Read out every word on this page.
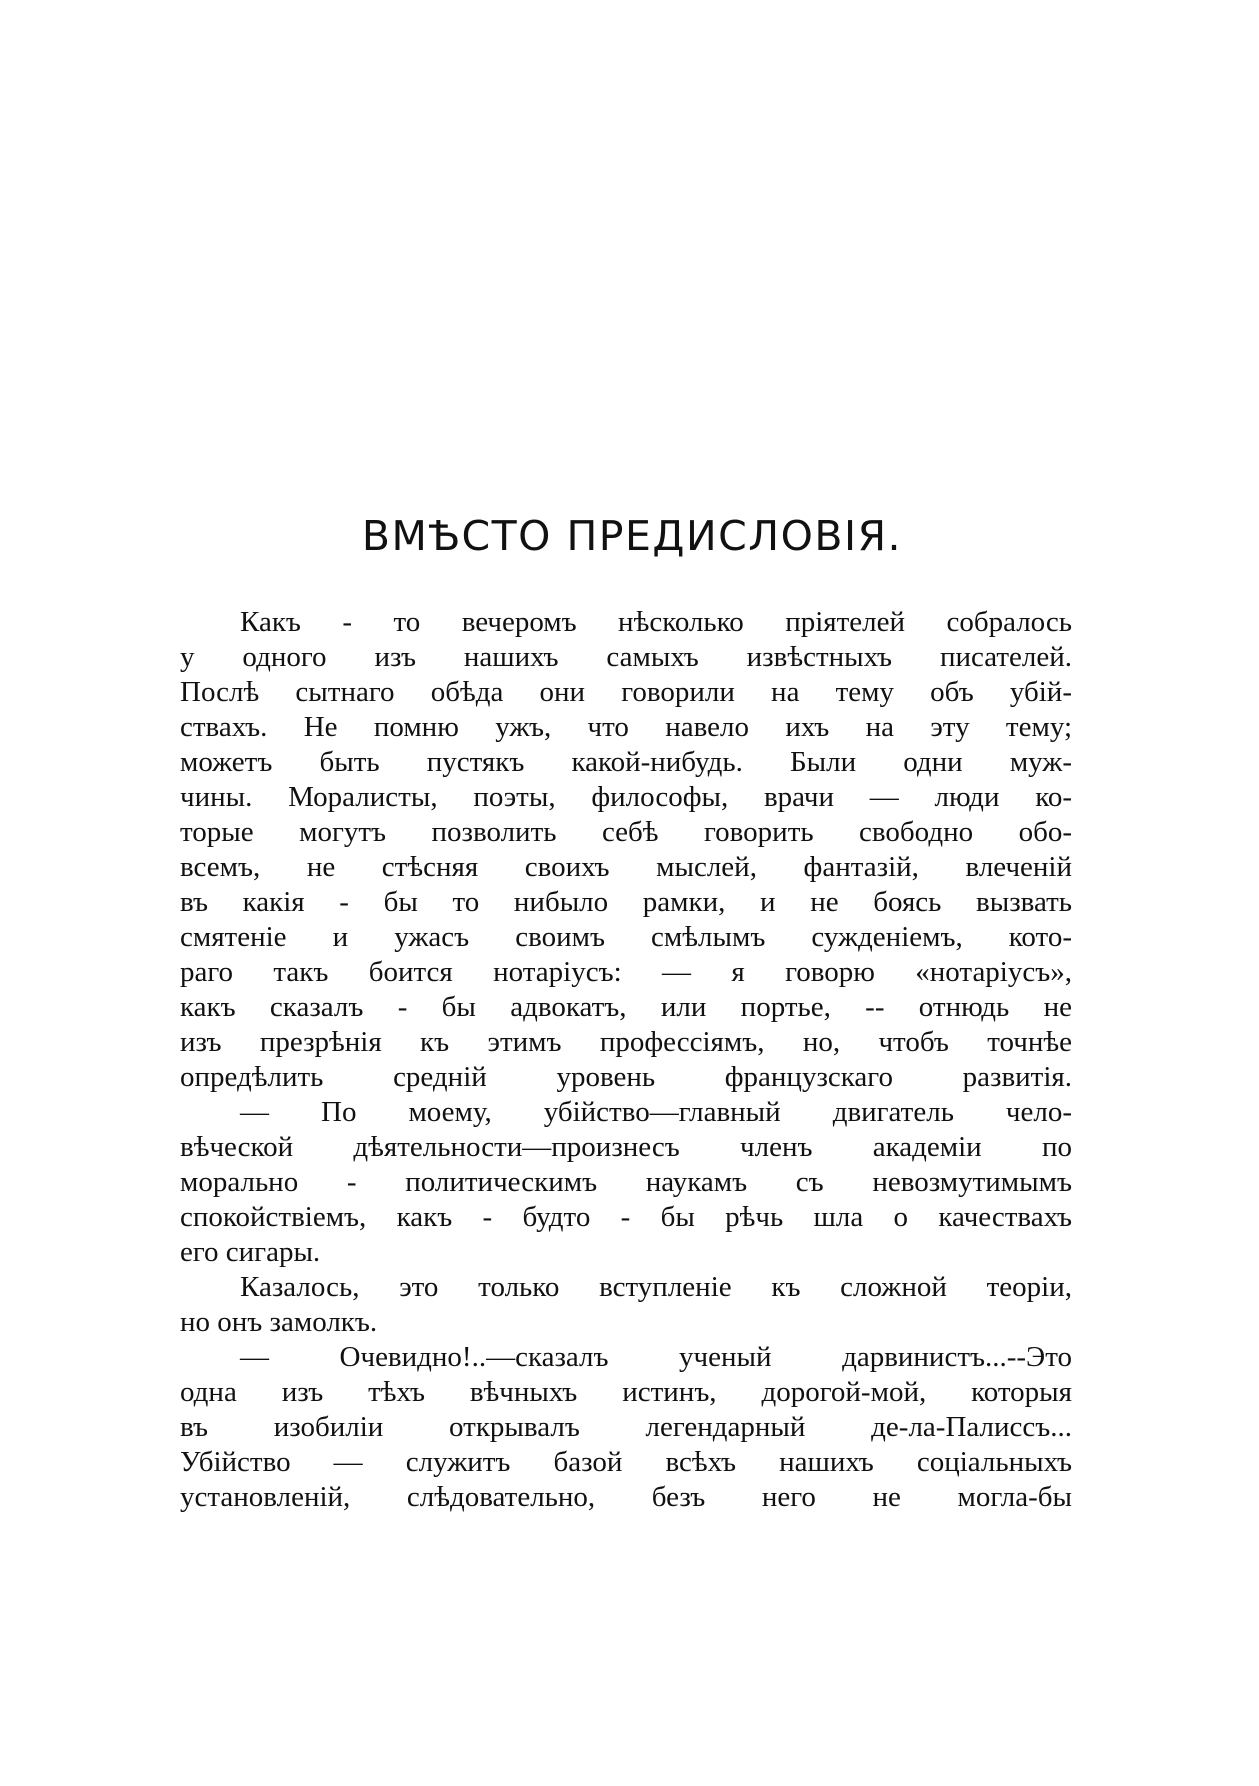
ВМѢСТО ПРЕДИСЛОВІЯ.
Какъ - то вечеромъ нѣсколько пріятелей собралось
у одного изъ нашихъ самыхъ извѣстныхъ писателей.
Послѣ сытнаго обѣда они говорили на тему объ убій-
ствахъ. Не помню ужъ, что навело ихъ на эту тему;
можетъ быть пустякъ какой-нибудь. Были одни муж-
чины. Моралисты, поэты, философы, врачи — люди ко-
торые могутъ позволить себѣ говорить свободно обо-
всемъ, не стѣсняя своихъ мыслей, фантазій, влеченій
въ какія - бы то нибыло рамки, и не боясь вызвать
смятеніе и ужасъ своимъ смѣлымъ сужденіемъ, кото-
раго такъ боится нотаріусъ: — я говорю «нотаріусъ»,
какъ сказалъ - бы адвокатъ, или портье, -- отнюдь не
изъ презрѣнія къ этимъ профессіямъ, но, чтобъ точнѣе
опредѣлить средній уровень французскаго развитія.
— По моему, убійство—главный двигатель чело-
вѣческой дѣятельности—произнесъ членъ академіи по
морально - политическимъ наукамъ съ невозмутимымъ
спокойствіемъ, какъ - будто - бы рѣчь шла о качествахъ
его сигары.
Казалось, это только вступленіе къ сложной теоріи,
но онъ замолкъ.
— Очевидно!..—сказалъ ученый дарвинистъ...--Это
одна изъ тѣхъ вѣчныхъ истинъ, дорогой-мой, которыя
въ изобиліи открывалъ легендарный де-ла-Палиссъ...
Убійство — служитъ базой всѣхъ нашихъ соціальныхъ
установленій, слѣдовательно, безъ него не могла-бы
